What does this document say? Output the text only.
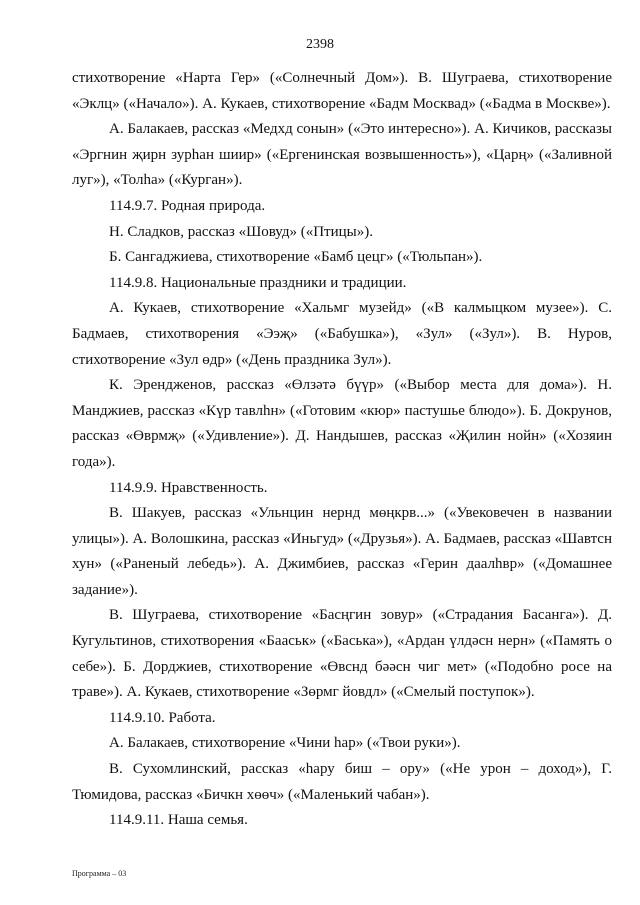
2398

стихотворение «Нарта Гер» («Солнечный Дом»). В. Шуграева, стихотворение «Эклц» («Начало»). А. Кукаев, стихотворение «Бадм Москвад» («Бадма в Москве»).

А. Балакаев, рассказ «Медхд сонын» («Это интересно»). А. Кичиков, рассказы «Эргнин җирн зурһан шиир» («Ергенинская возвышенность»), «Царң» («Заливной луг»), «Толһа» («Курган»).

114.9.7. Родная природа.

Н. Сладков, рассказ «Шовуд» («Птицы»).

Б. Сангаджиева, стихотворение «Бамб цецг» («Тюльпан»).

114.9.8. Национальные праздники и традиции.

А. Кукаев, стихотворение «Хальмг музейд» («В калмыцком музее»). С. Бадмаев, стихотворения «Ээҗ» («Бабушка»), «Зул» («Зул»). В. Нуров, стихотворение «Зул өдр» («День праздника Зул»).

К. Эрендженов, рассказ «Өлзәтә бүүр» («Выбор места для дома»). Н. Манджиев, рассказ «Күр тавлһн» («Готовим «кюр» пастушье блюдо»). Б. Докрунов, рассказ «Өврмҗ» («Удивление»). Д. Нандышев, рассказ «Җилин нойн» («Хозяин года»).

114.9.9. Нравственность.

В. Шакуев, рассказ «Ульнцин нернд мөңкрв...» («Увековечен в названии улицы»). А. Волошкина, рассказ «Иньгуд» («Друзья»). А. Бадмаев, рассказ «Шавтсн хун» («Раненый лебедь»). А. Джимбиев, рассказ «Герин даалһвр» («Домашнее задание»).

В. Шуграева, стихотворение «Басңгин зовур» («Страдания Басанга»). Д. Кугультинов, стихотворения «Бааськ» («Баська»), «Ардан үлдәсн нерн» («Память о себе»). Б. Дорджиев, стихотворение «Өвснд бәәсн чиг мет» («Подобно росе на траве»). А. Кукаев, стихотворение «Зөрмг йовдл» («Смелый поступок»).

114.9.10. Работа.

А. Балакаев, стихотворение «Чини һар» («Твои руки»).

В. Сухомлинский, рассказ «һару биш – ору» («Не урон – доход»), Г. Тюмидова, рассказ «Бичкн хөөч» («Маленький чабан»).

114.9.11. Наша семья.

Программа – 03
